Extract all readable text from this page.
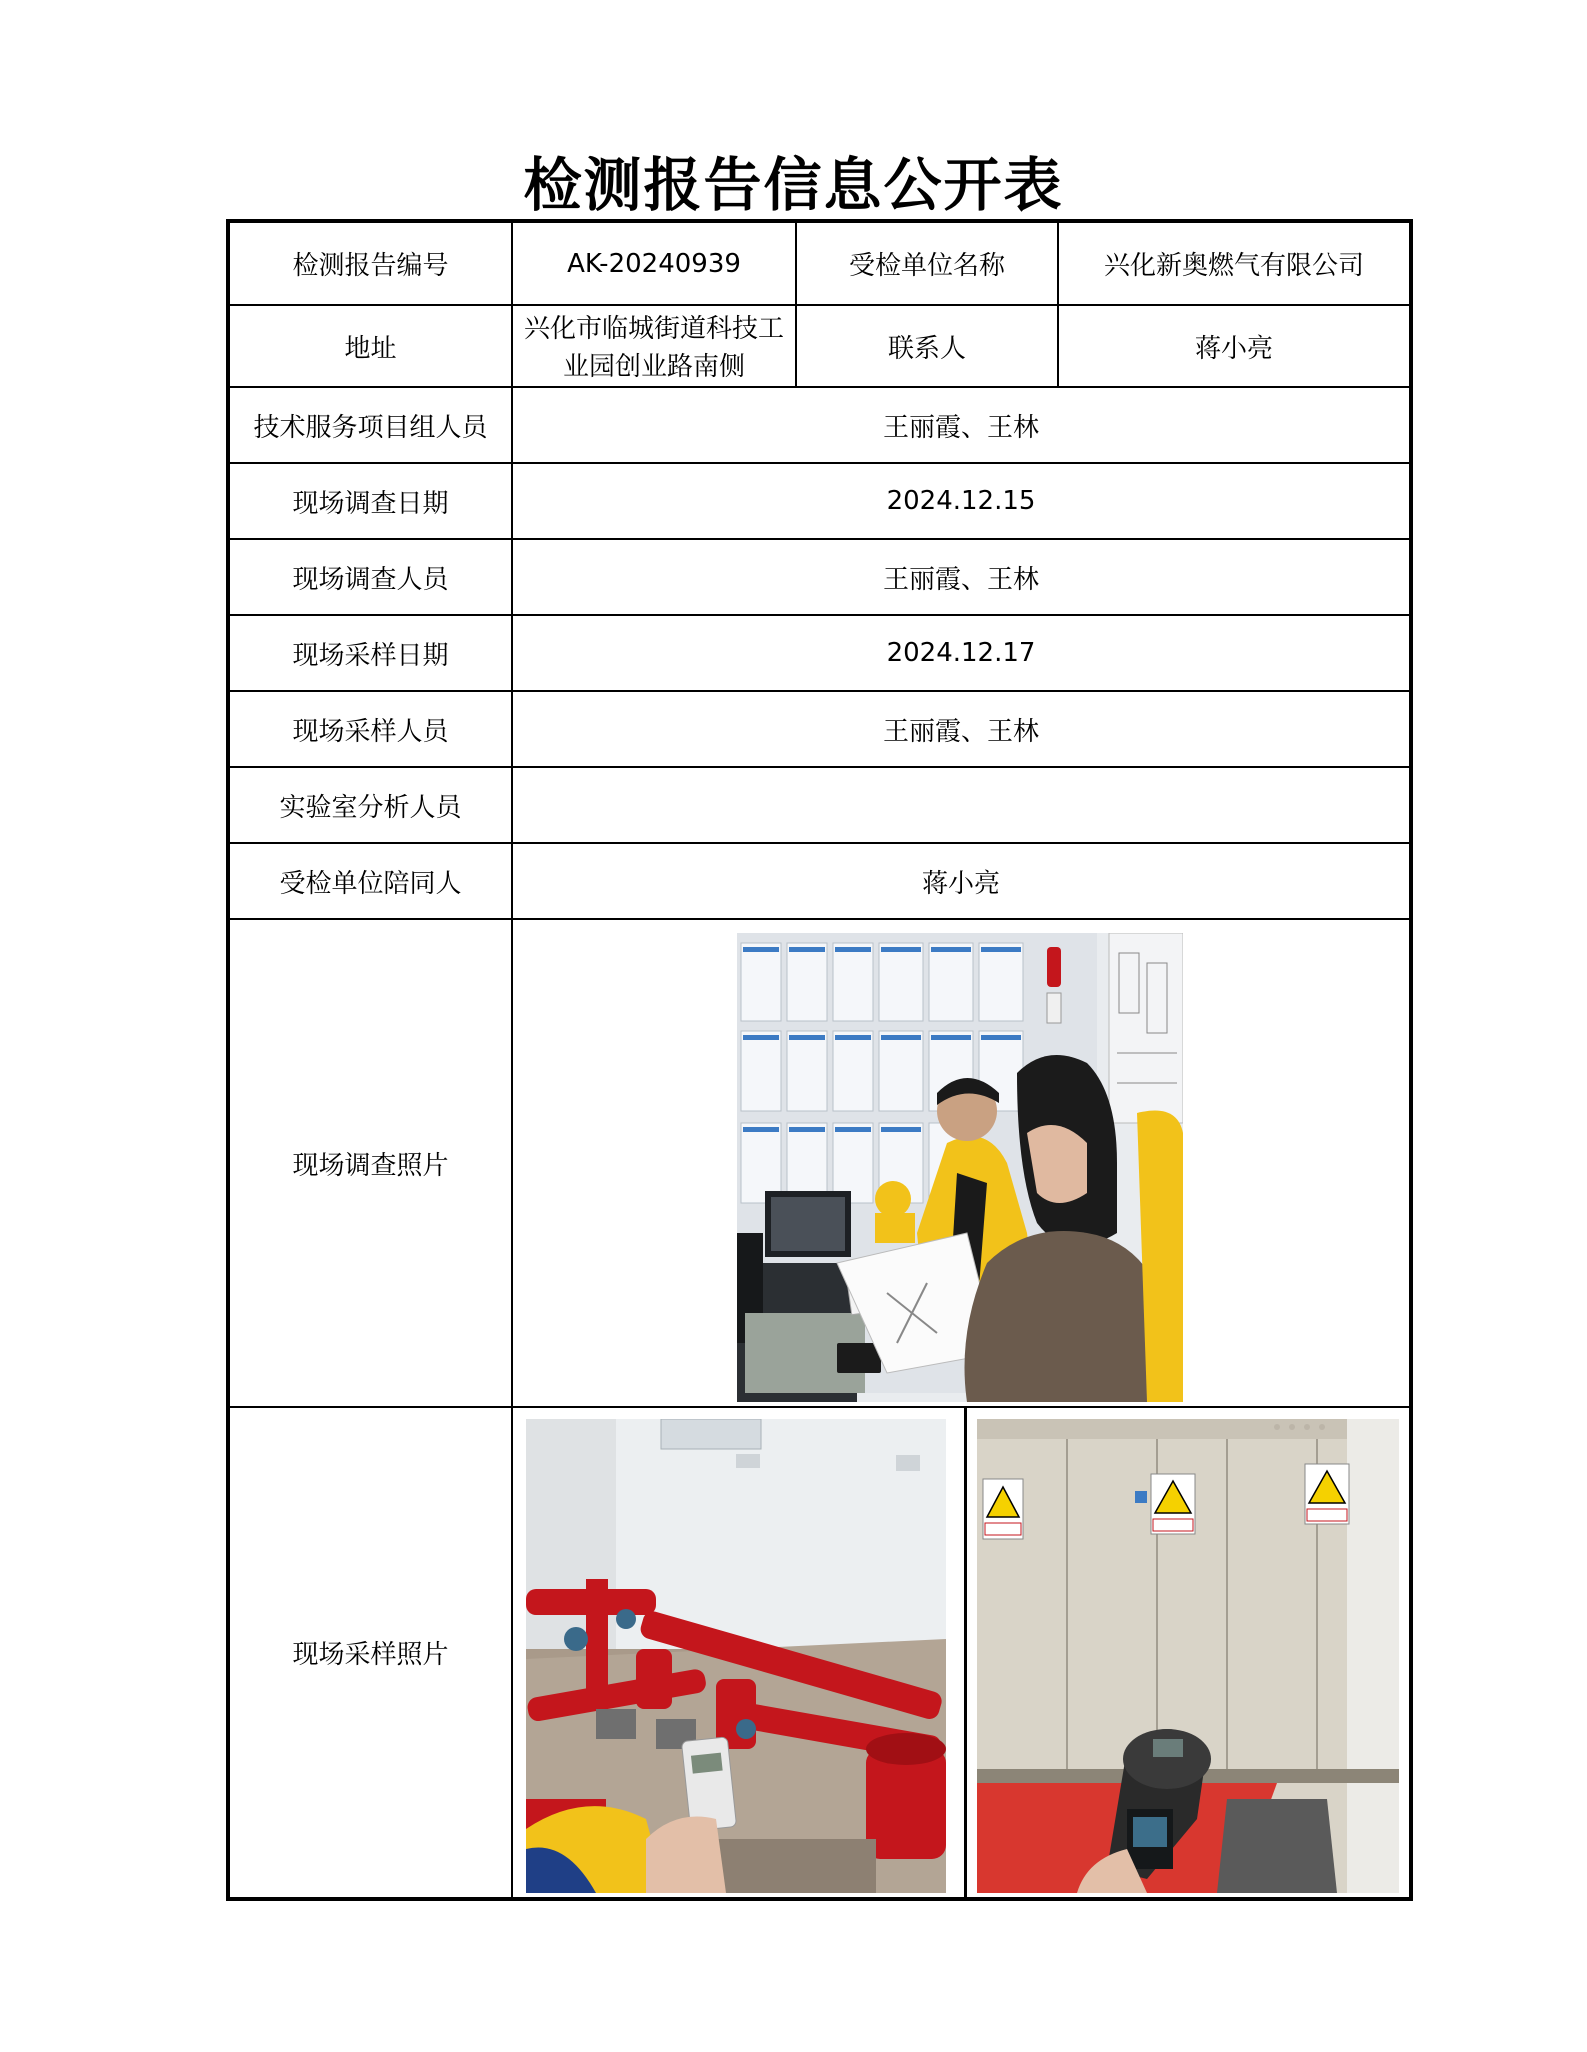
检测报告信息公开表
检测报告编号	AK-20240939	受检单位名称	兴化新奥燃气有限公司
地址	兴化市临城街道科技工业园创业路南侧	联系人	蒋小亮
技术服务项目组人员	王丽霞、王林		
现场调查日期	2024.12.15		
现场调查人员	王丽霞、王林		
现场采样日期	2024.12.17		
现场采样人员	王丽霞、王林		
实验室分析人员			
受检单位陪同人	蒋小亮		
现场调查照片	

现场采样照片	
